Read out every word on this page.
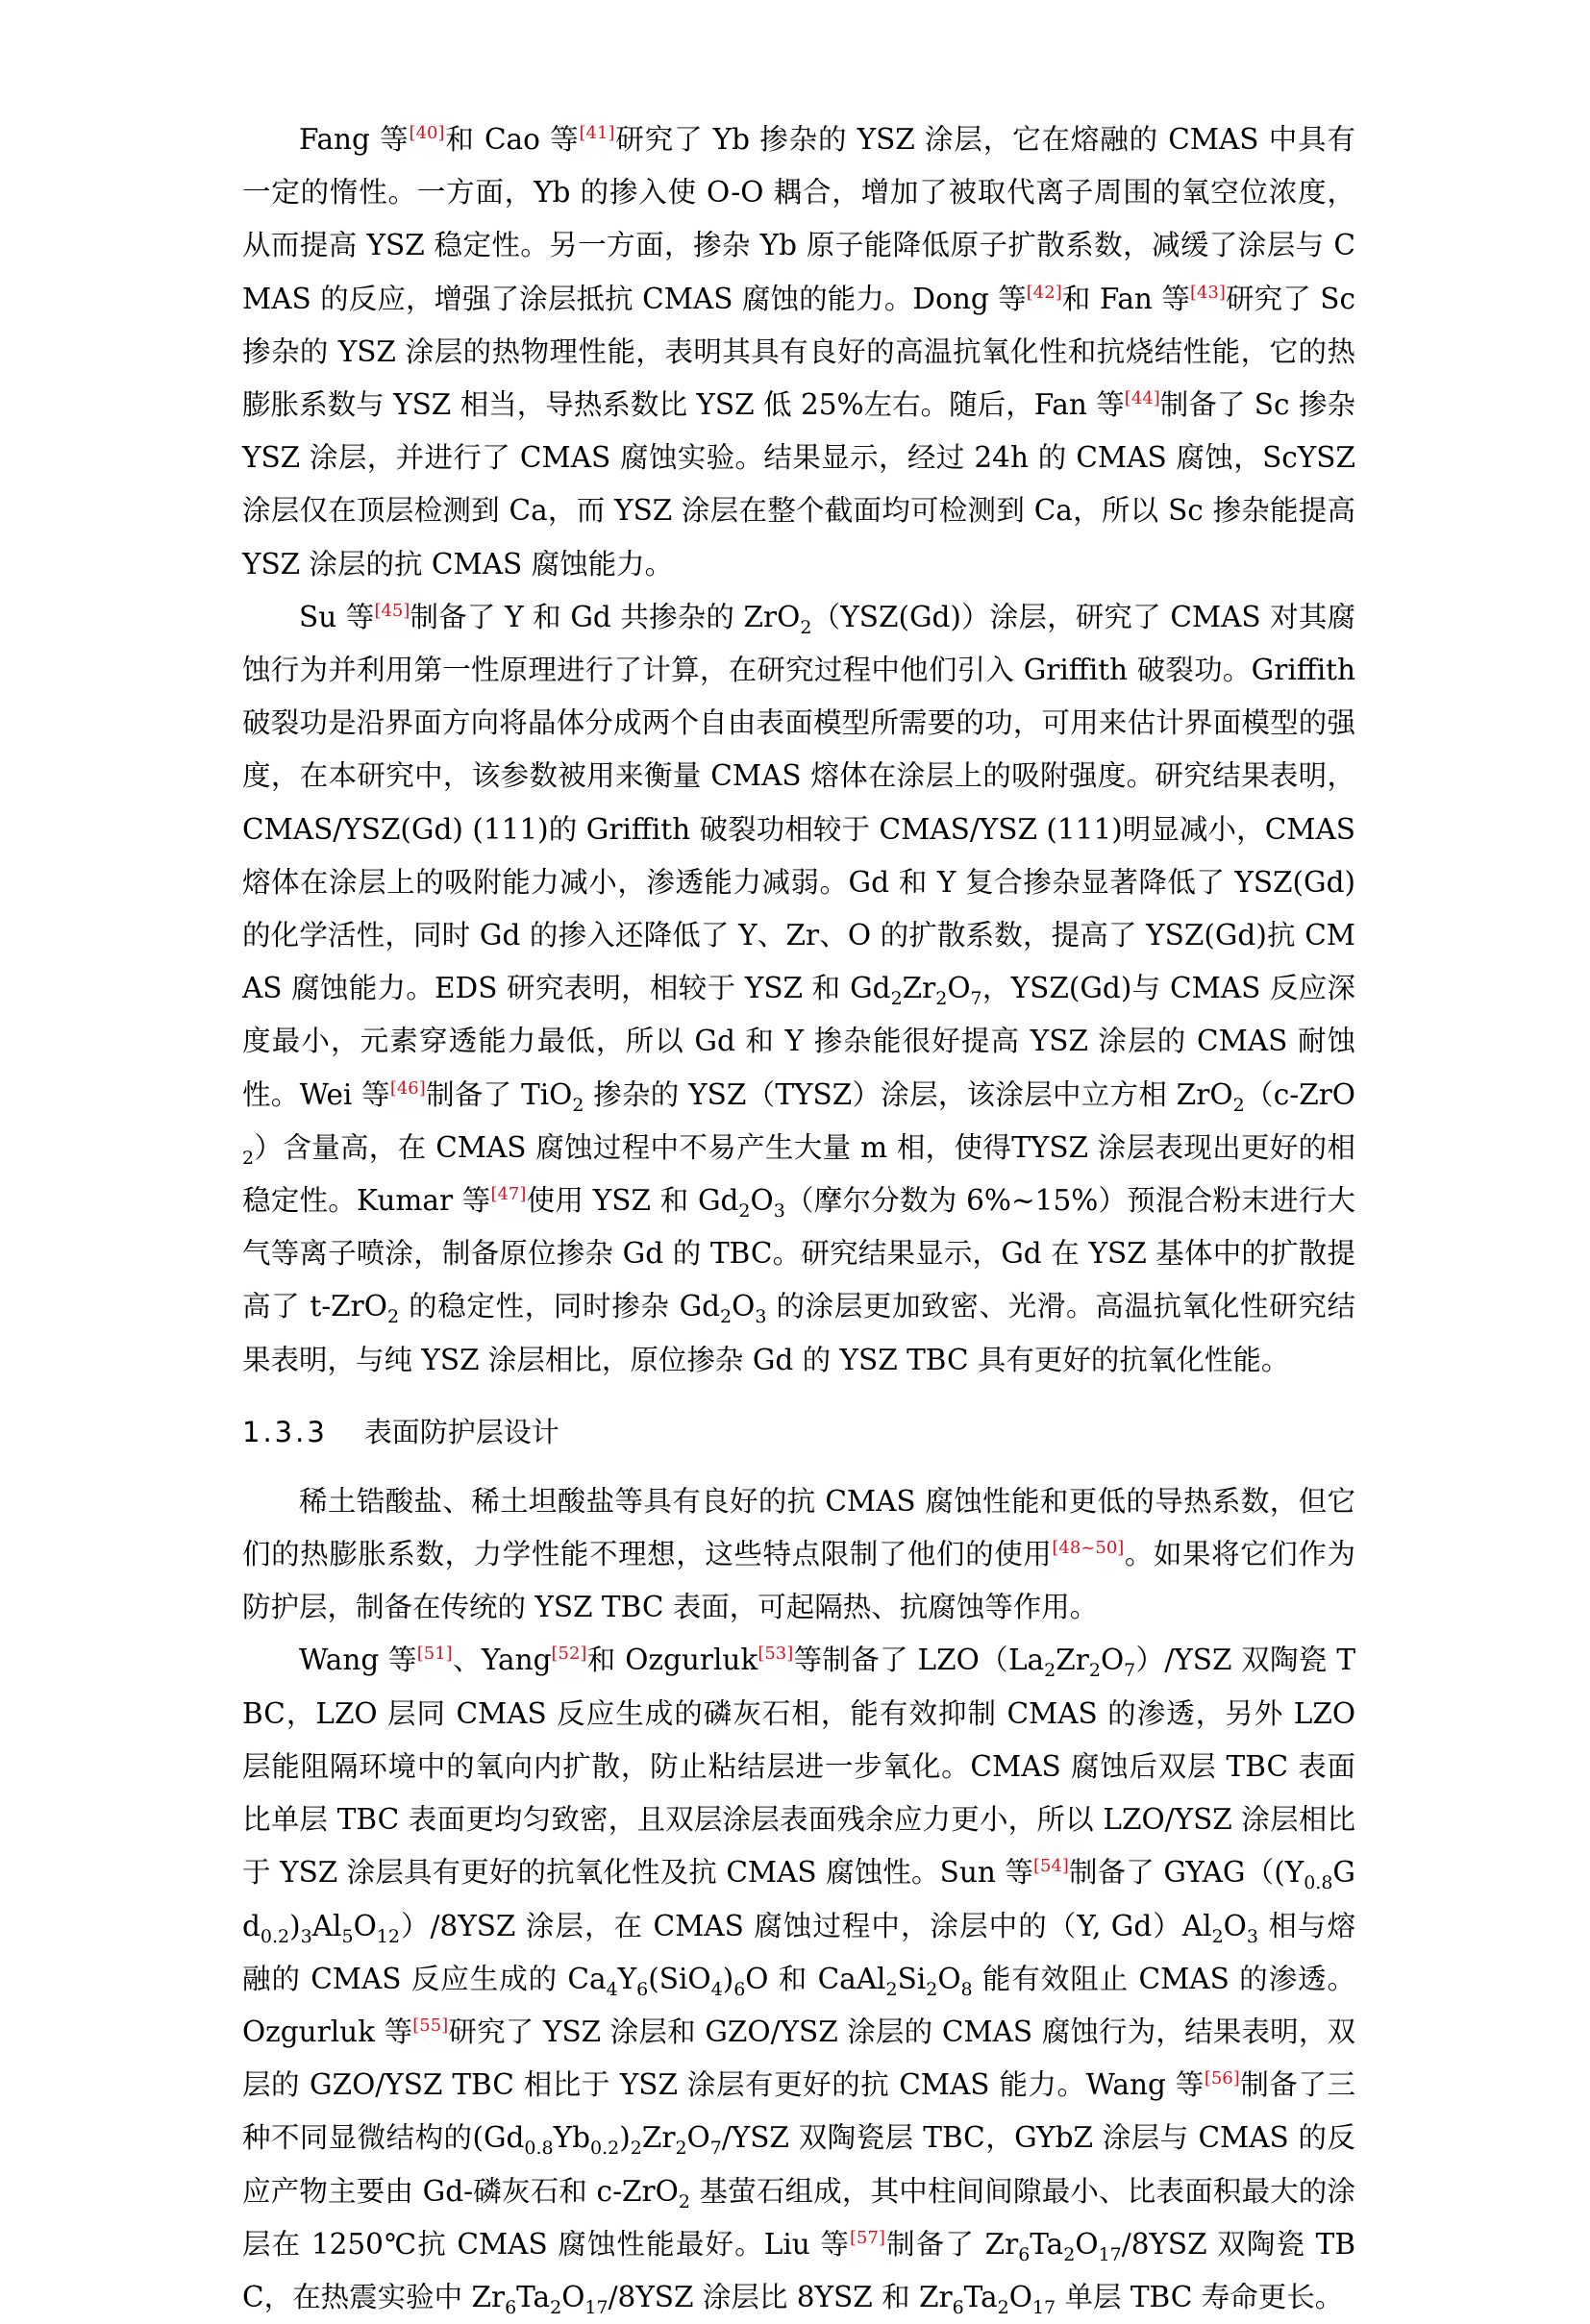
Fang 等[40]和 Cao 等[41]研究了 Yb 掺杂的 YSZ 涂层，它在熔融的 CMAS 中具有一定的惰性。一方面，Yb 的掺入使 O-O 耦合，增加了被取代离子周围的氧空位浓度，从而提高 YSZ 稳定性。另一方面，掺杂 Yb 原子能降低原子扩散系数，减缓了涂层与 CMAS 的反应，增强了涂层抵抗 CMAS 腐蚀的能力。Dong 等[42]和 Fan 等[43]研究了 Sc 掺杂的 YSZ 涂层的热物理性能，表明其具有良好的高温抗氧化性和抗烧结性能，它的热膨胀系数与 YSZ 相当，导热系数比 YSZ 低 25%左右。随后，Fan 等[44]制备了 Sc 掺杂 YSZ 涂层，并进行了 CMAS 腐蚀实验。结果显示，经过 24h 的 CMAS 腐蚀，ScYSZ 涂层仅在顶层检测到 Ca，而 YSZ 涂层在整个截面均可检测到 Ca，所以 Sc 掺杂能提高 YSZ 涂层的抗 CMAS 腐蚀能力。

Su 等[45]制备了 Y 和 Gd 共掺杂的 ZrO$_2$（YSZ(Gd)）涂层，研究了 CMAS 对其腐蚀行为并利用第一性原理进行了计算，在研究过程中他们引入 Griffith 破裂功。Griffith 破裂功是沿界面方向将晶体分成两个自由表面模型所需要的功，可用来估计界面模型的强度，在本研究中，该参数被用来衡量 CMAS 熔体在涂层上的吸附强度。研究结果表明，CMAS/YSZ(Gd) (111)的 Griffith 破裂功相较于 CMAS/YSZ (111)明显减小，CMAS 熔体在涂层上的吸附能力减小，渗透能力减弱。Gd 和 Y 复合掺杂显著降低了 YSZ(Gd)的化学活性，同时 Gd 的掺入还降低了 Y、Zr、O 的扩散系数，提高了 YSZ(Gd)抗 CMAS 腐蚀能力。EDS 研究表明，相较于 YSZ 和 $Gd_2Zr_2O_7$，YSZ(Gd)与 CMAS 反应深度最小，元素穿透能力最低，所以 Gd 和 Y 掺杂能很好提高 YSZ 涂层的 CMAS 耐蚀性。Wei 等[46]制备了 TiO$_2$ 掺杂的 YSZ（TYSZ）涂层，该涂层中立方相 ZrO$_2$（c-ZrO$_2$）含量高，在 CMAS 腐蚀过程中不易产生大量 m 相，使得TYSZ 涂层表现出更好的相稳定性。Kumar 等[47]使用 YSZ 和 $Gd_2O_3$（摩尔分数为 6%~15%）预混合粉末进行大气等离子喷涂，制备原位掺杂 Gd 的 TBC。研究结果显示，Gd 在 YSZ 基体中的扩散提高了 t-ZrO$_2$ 的稳定性，同时掺杂 $Gd_2O_3$ 的涂层更加致密、光滑。高温抗氧化性研究结果表明，与纯 YSZ 涂层相比，原位掺杂 Gd 的 YSZ TBC 具有更好的抗氧化性能。

1.3.3 表面防护层设计

稀土锆酸盐、稀土坦酸盐等具有良好的抗 CMAS 腐蚀性能和更低的导热系数，但它们的热膨胀系数，力学性能不理想，这些特点限制了他们的使用[48~50]。如果将它们作为防护层，制备在传统的 YSZ TBC 表面，可起隔热、抗腐蚀等作用。

Wang 等[51]、Yang[52]和 Ozgurluk[53]等制备了 $LZO(La_2Zr_2O_7)$/YSZ 双陶瓷 TBC，LZO 层同 CMAS 反应生成的磷灰石相，能有效抑制 CMAS 的渗透，另外 LZO 层能阻隔环境中的氧向内扩散，防止粘结层进一步氧化。CMAS 腐蚀后双层 TBC 表面比单层 TBC 表面更均匀致密，且双层涂层表面残余应力更小，所以 LZO/YSZ 涂层相比于 YSZ 涂层具有更好的抗氧化性及抗 CMAS 腐蚀性。Sun 等[54]制备了 $GYAG((Y_{0.8}Gd_{0.2})_3Al_5O_{12})/8YSZ$ 涂层，在 CMAS 腐蚀过程中，涂层中的（Y, $Gd)Al_2O_3$ 相与熔融的 CMAS 反应生成的 $Ca_4Y_6(SiO_4)_6O$ 和 $CaAl_2Si_2O_8$ 能有效阻止 CMAS 的渗透。Ozgurluk 等[55]研究了 YSZ 涂层和 GZO/YSZ 涂层的 CMAS 腐蚀行为，结果表明，双层的 GZO/YSZ TBC 相比于 YSZ 涂层有更好的抗 CMAS 能力。Wang 等[56]制备了三种不同显微结构的$(Gd_{0.8}Yb_{0.2})_2Zr_2O_7$/YSZ 双陶瓷层 TBC，GYbZ 涂层与 CMAS 的反应产物主要由 Gd-磷灰石和 c-ZrO$_2$ 基萤石组成，其中柱间间隙最小、比表面积最大的涂层在 1250℃抗 CMAS 腐蚀性能最好。Liu 等[57]制备了 $Zr_6Ta_2O_{17}/8YSZ$ 双陶瓷 TBC，在热震实验中 $Zr_6Ta_2O_{17}/8YSZ$ 涂层比 8YSZ 和 $Zr_6Ta_2O_{17}$ 单层 TBC 寿命更长。
